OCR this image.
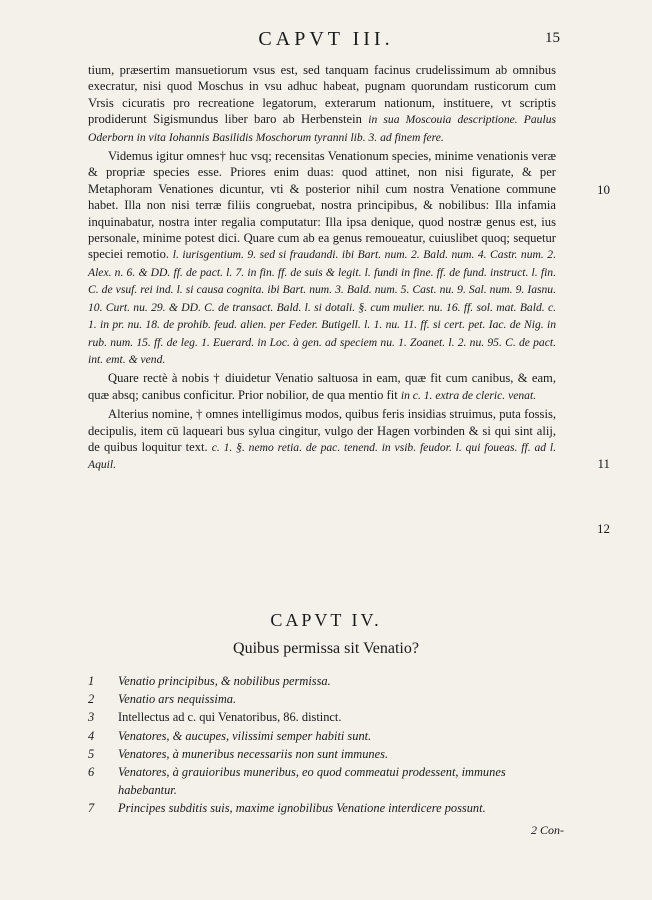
CAPVT III.	15

tium, præsertim mansuetiorum vsus est, sed tanquam facinus crudelissimum ab omnibus execratur, nisi quod Moschus in vsu adhuc habeat, pugnam quorundam rusticorum cum Vrsis cicuratis pro recreatione legatorum, exterarum nationum, instituere, vt scriptis prodiderunt Sigismundus liber baro ab Herbenstein in sua Moscouia descriptione. Paulus Oderborn in vita Iohannis Basilidis Moschorum tyranni lib. 3. ad finem fere.

Videmus igitur omnes† huc vsq; recensitas Venationum species, minime venationis veræ & propriæ species esse. Priores enim duas: quod attinet, non nisi figurate, & per Metaphoram Venationes dicuntur, vti & posterior nihil cum nostra Venatione commune habet. Illa non nisi terræ filiis congruebat, nostra principibus, & nobilibus: Illa infamia inquinabatur, nostra inter regalia computatur: Illa ipsa denique, quod nostræ genus est, ius personale, minime potest dici. Quare cum ab ea genus remoueatur, cuiuslibet quoq; sequetur speciei remotio. l. iurisgentium. 9. sed si fraudandi. ibi Bart. num. 2. Bald. num. 4. Castr. num. 2. Alex. n. 6. & DD. ff. de pact. l. 7. in fin. ff. de suis & legit. l. fundi in fine. ff. de fund. instruct. l. fin. C. de vsuf. rei ind. l. si causa cognita. ibi Bart. num. 3. Bald. num. 5. Cast. nu. 9. Sal. num. 9. Iasnu. 10. Curt. nu. 29. & DD. C. de transact. Bald. l. si dotali. §. cum mulier. nu. 16. ff. sol. mat. Bald. c. 1. in pr. nu. 18. de prohib. feud. alien. per Feder. Butigell. l. 1. nu. 11. ff. si cert. pet. Iac. de Nig. in rub. num. 15. ff. de leg. 1. Euerard. in Loc. à gen. ad speciem nu. 1. Zoanet. l. 2. nu. 95. C. de pact. int. emt. & vend.

Quare rectè à nobis † diuidetur Venatio saltuosa in eam, quæ fit cum canibus, & eam, quæ absq; canibus conficitur. Prior nobilior, de qua mentio fit in c. 1. extra de cleric. venat.

Alterius nomine, † omnes intelligimus modos, quibus feris insidias struimus, puta fossis, decipulis, item cū laqueari bus sylua cingitur, vulgo der Hagen vorbinden & si qui sint alij, de quibus loquitur text. c. 1. §. nemo retia. de pac. tenend. in vsib. feudor. l. qui foueas. ff. ad l. Aquil.

10
11
12
CAPVT IV.
Quibus permissa sit Venatio?
1	Venatio principibus, & nobilibus permissa.
2	Venatio ars nequissima.
3	Intellectus ad c. qui Venatoribus, 86. distinct.
4	Venatores, & aucupes, vilissimi semper habiti sunt.
5	Venatores, à muneribus necessariis non sunt immunes.
6	Venatores, à grauioribus muneribus, eo quod commeatui prodessent, immunes habebantur.
7	Principes subditis suis, maxime ignobilibus Venatione interdicere possunt.
2 Con-
